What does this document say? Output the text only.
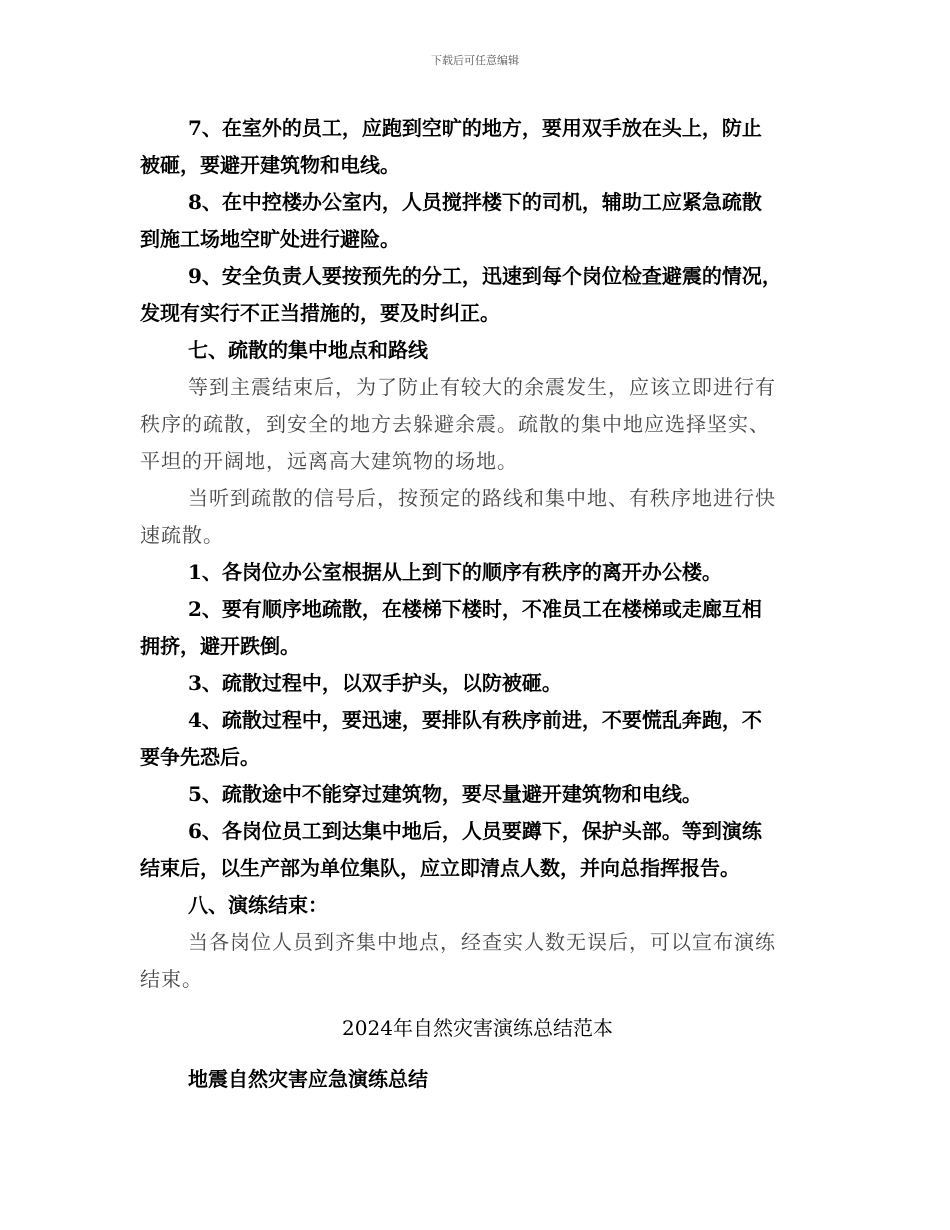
下载后可任意编辑
7、在室外的员工，应跑到空旷的地方，要用双手放在头上，防止
被砸，要避开建筑物和电线。
8、在中控楼办公室内，人员搅拌楼下的司机，辅助工应紧急疏散
到施工场地空旷处进行避险。
9、安全负责人要按预先的分工，迅速到每个岗位检查避震的情况，
发现有实行不正当措施的，要及时纠正。
七、疏散的集中地点和路线
等到主震结束后，为了防止有较大的余震发生，应该立即进行有
秩序的疏散，到安全的地方去躲避余震。疏散的集中地应选择坚实、
平坦的开阔地，远离高大建筑物的场地。
当听到疏散的信号后，按预定的路线和集中地、有秩序地进行快
速疏散。
1、各岗位办公室根据从上到下的顺序有秩序的离开办公楼。
2、要有顺序地疏散，在楼梯下楼时，不准员工在楼梯或走廊互相
拥挤，避开跌倒。
3、疏散过程中，以双手护头，以防被砸。
4、疏散过程中，要迅速，要排队有秩序前进，不要慌乱奔跑，不
要争先恐后。
5、疏散途中不能穿过建筑物，要尽量避开建筑物和电线。
6、各岗位员工到达集中地后，人员要蹲下，保护头部。等到演练
结束后，以生产部为单位集队，应立即清点人数，并向总指挥报告。
八、演练结束：
当各岗位人员到齐集中地点，经查实人数无误后，可以宣布演练
结束。
2024年自然灾害演练总结范本
地震自然灾害应急演练总结
